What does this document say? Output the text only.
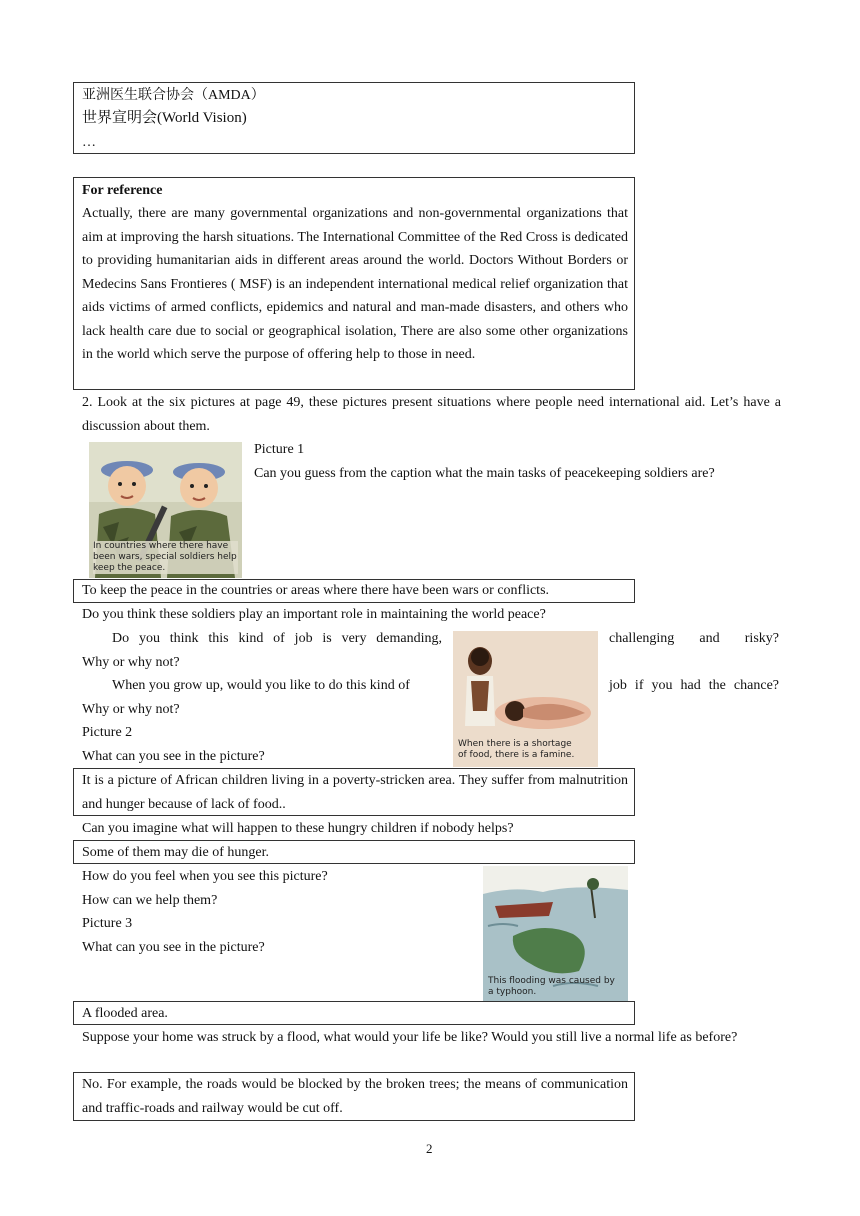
亚洲医生联合协会（AMDA）
世界宣明会(World Vision)
…
For reference
Actually, there are many governmental organizations and non-governmental organizations that aim at improving the harsh situations. The International Committee of the Red Cross is dedicated to providing humanitarian aids in different areas around the world. Doctors Without Borders or Medecins Sans Frontieres ( MSF) is an independent international medical relief organization that aids victims of armed conflicts, epidemics and natural and man-made disasters, and others who lack health care due to social or geographical isolation, There are also some other organizations in the world which serve the purpose of offering help to those in need.
2. Look at the six pictures at page 49, these pictures present situations where people need international aid. Let’s have a discussion about them.
In countries where there have been wars, special soldiers help keep the peace.
Picture 1
Can you guess from the caption what the main tasks of peacekeeping soldiers are?
To keep the peace in the countries or areas where there have been wars or conflicts.
Do you think these soldiers play an important role in maintaining the world peace?
Do you think this kind of job is very demanding,	challenging and risky?
Why or why not?
When you grow up, would you like to do this kind of	job if you had the chance?
Why or why not?
Picture 2
What can you see in the picture?
When there is a shortage of food, there is a famine.
It is a picture of African children living in a poverty-stricken area. They suffer from malnutrition and hunger because of lack of food..
Can you imagine what will happen to these hungry children if nobody helps?
Some of them may die of hunger.
How do you feel when you see this picture?
How can we help them?
Picture 3
What can you see in the picture?
This flooding was caused by a typhoon.
A flooded area.
Suppose your home was struck by a flood, what would your life be like? Would you still live a normal life as before?
No. For example, the roads would be blocked by the broken trees; the means of communication and traffic-roads and railway would be cut off.
2
